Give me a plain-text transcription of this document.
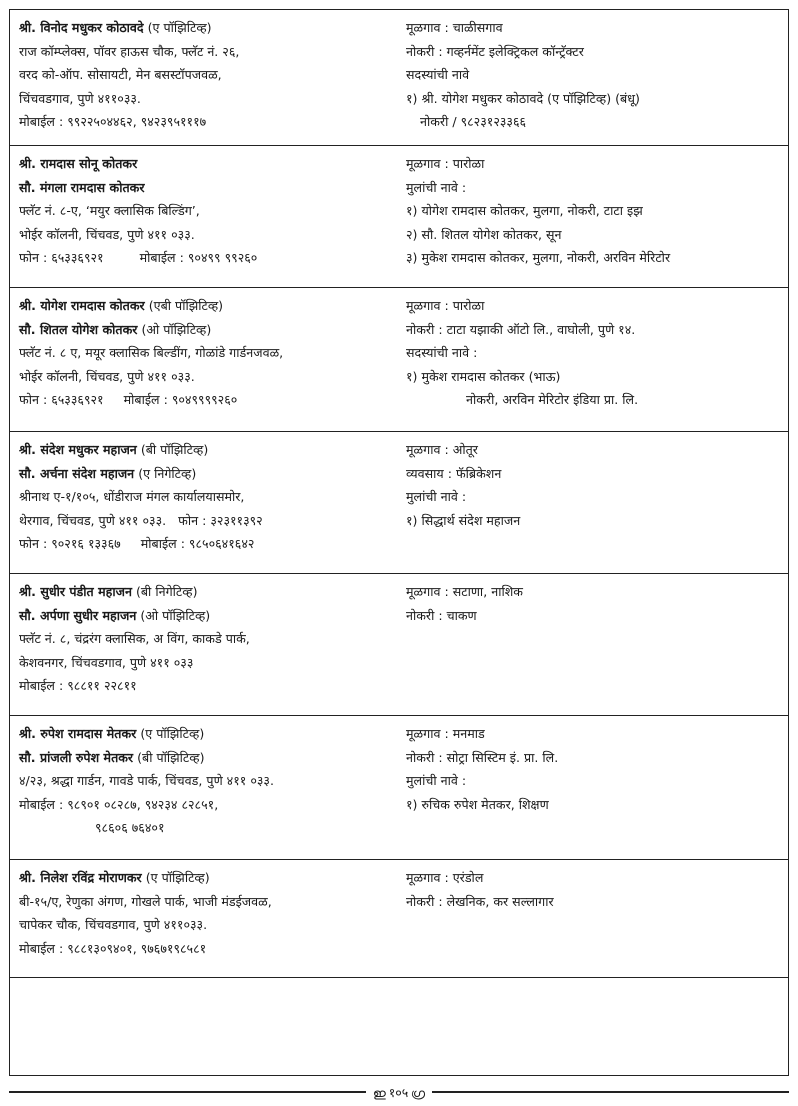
श्री. विनोद मधुकर कोठावदे (ए पॉझिटिव्ह)
राज कॉम्प्लेक्स, पॉवर हाऊस चौक, फ्लॅट नं. २६,
वरद को-ऑप. सोसायटी, मेन बसस्टॉपजवळ,
चिंचवडगाव, पुणे ४११०३३.
मोबाईल : ९९२२५०४४६२, ९४२३९५१११७
मूळगाव : चाळीसगाव
नोकरी : गव्हर्नमेंट इलेक्ट्रिकल कॉन्ट्रॅक्टर
सदस्यांची नावे
१) श्री. योगेश मधुकर कोठावदे (ए पॉझिटिव्ह) (बंधू)
नोकरी / ९८२३१२३३६६
श्री. रामदास सोनू कोतकर
सौ. मंगला रामदास कोतकर
फ्लॅट नं. ८-ए, ‘मयुर क्लासिक बिल्डिंग’,
भोईर कॉलनी, चिंचवड, पुणे ४११ ०३३.
फोन : ६५३३६९२१         मोबाईल : ९०४९९ ९९२६०
मूळगाव : पारोळा
मुलांची नावे :
१) योगेश रामदास कोतकर, मुलगा, नोकरी, टाटा इझ
२) सौ. शितल योगेश कोतकर, सून
३) मुकेश रामदास कोतकर, मुलगा, नोकरी, अरविन मेरिटोर
श्री. योगेश रामदास कोतकर (एबी पॉझिटिव्ह)
सौ. शितल योगेश कोतकर (ओ पॉझिटिव्ह)
फ्लॅट नं. ८ ए, मयूर क्लासिक बिल्डींग, गोळांडे गार्डनजवळ,
भोईर कॉलनी, चिंचवड, पुणे ४११ ०३३.
फोन : ६५३३६९२१     मोबाईल : ९०४९९९९२६०
मूळगाव : पारोळा
नोकरी : टाटा यझाकी ऑटो लि., वाघोली, पुणे १४.
सदस्यांची नावे :
१) मुकेश रामदास कोतकर (भाऊ)
नोकरी, अरविन मेरिटोर इंडिया प्रा. लि.
श्री. संदेश मधुकर महाजन (बी पॉझिटिव्ह)
सौ. अर्चना संदेश महाजन (ए निगेटिव्ह)
श्रीनाथ ए-१/१०५, धोंडीराज मंगल कार्यालयासमोर,
थेरगाव, चिंचवड, पुणे ४११ ०३३.   फोन : ३२३११३९२
फोन : ९०२१६ १३३६७     मोबाईल : ९८५०६४१६४२
मूळगाव : ओतूर
व्यवसाय : फॅब्रिकेशन
मुलांची नावे :
१) सिद्धार्थ संदेश महाजन
श्री. सुधीर पंडीत महाजन (बी निगेटिव्ह)
सौ. अर्पणा सुधीर महाजन (ओ पॉझिटिव्ह)
फ्लॅट नं. ८, चंद्ररंग क्लासिक, अ विंग, काकडे पार्क,
केशवनगर, चिंचवडगाव, पुणे ४११ ०३३
मोबाईल : ९८८११ २२८११
मूळगाव : सटाणा, नाशिक
नोकरी : चाकण
श्री. रुपेश रामदास मेतकर (ए पॉझिटिव्ह)
सौ. प्रांजली रुपेश मेतकर (बी पॉझिटिव्ह)
४/२३, श्रद्धा गार्डन, गावडे पार्क, चिंचवड, पुणे ४११ ०३३.
मोबाईल : ९८९०१ ०८२८७, ९४२३४ ८२८५१,
९८६०६ ७६४०१
मूळगाव : मनमाड
नोकरी : सोट्रा सिस्टिम इं. प्रा. लि.
मुलांची नावे :
१) रुचिक रुपेश मेतकर, शिक्षण
श्री. निलेश रविंद्र मोराणकर (ए पॉझिटिव्ह)
बी-१५/ए, रेणुका अंगण, गोखले पार्क, भाजी मंडईजवळ,
चापेकर चौक, चिंचवडगाव, पुणे ४११०३३.
मोबाईल : ९८८१३०९४०१, ९७६७१९८५८१
मूळगाव : एरंडोल
नोकरी : लेखनिक, कर सल्लागार
ഇ १०५ ഗ്ര
